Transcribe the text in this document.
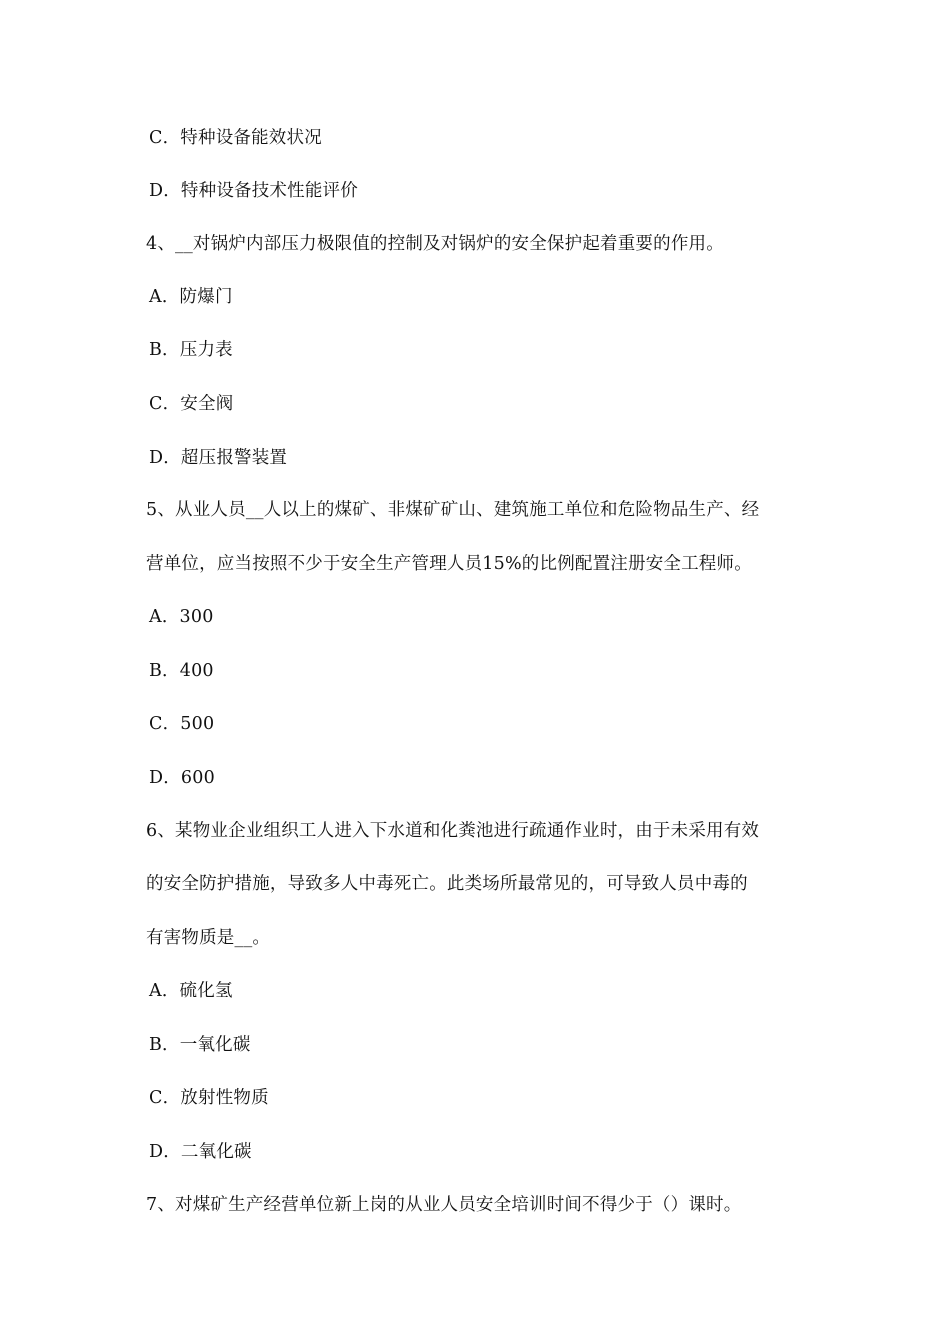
C．特种设备能效状况
D．特种设备技术性能评价
4、__对锅炉内部压力极限值的控制及对锅炉的安全保护起着重要的作用。
A．防爆门
B．压力表
C．安全阀
D．超压报警装置
5、从业人员__人以上的煤矿、非煤矿矿山、建筑施工单位和危险物品生产、经
营单位，应当按照不少于安全生产管理人员15%的比例配置注册安全工程师。
A．300
B．400
C．500
D．600
6、某物业企业组织工人进入下水道和化粪池进行疏通作业时，由于未采用有效
的安全防护措施，导致多人中毒死亡。此类场所最常见的，可导致人员中毒的
有害物质是__。
A．硫化氢
B．一氧化碳
C．放射性物质
D．二氧化碳
7、对煤矿生产经营单位新上岗的从业人员安全培训时间不得少于（）课时。
